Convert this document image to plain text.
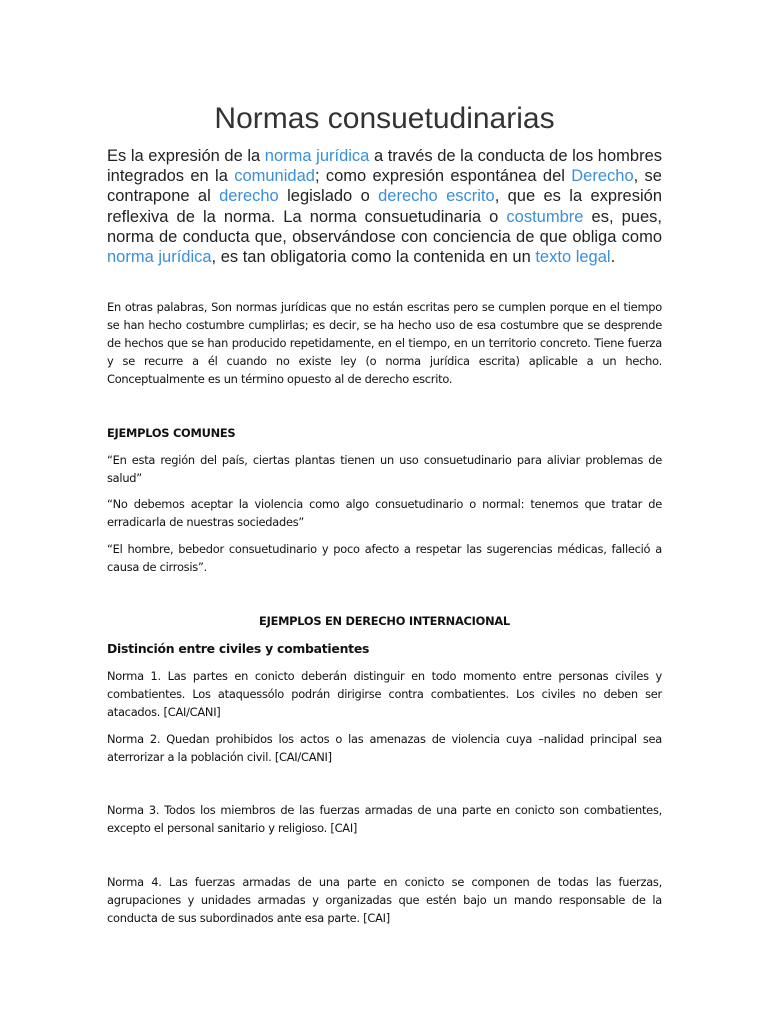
Normas consuetudinarias

Es la expresión de la norma jurídica a través de la conducta de los hombres integrados en la comunidad; como expresión espontánea del Derecho, se contrapone al derecho legislado o derecho escrito, que es la expresión reflexiva de la norma. La norma consuetudinaria o costumbre es, pues, norma de conducta que, observándose con conciencia de que obliga como norma jurídica, es tan obligatoria como la contenida en un texto legal.

En otras palabras, Son normas jurídicas que no están escritas pero se cumplen porque en el tiempo se han hecho costumbre cumplirlas; es decir, se ha hecho uso de esa costumbre que se desprende de hechos que se han producido repetidamente, en el tiempo, en un territorio concreto. Tiene fuerza y se recurre a él cuando no existe ley (o norma jurídica escrita) aplicable a un hecho. Conceptualmente es un término opuesto al de derecho escrito.

EJEMPLOS COMUNES

“En esta región del país, ciertas plantas tienen un uso consuetudinario para aliviar problemas de salud”

“No debemos aceptar la violencia como algo consuetudinario o normal: tenemos que tratar de erradicarla de nuestras sociedades”

“El hombre, bebedor consuetudinario y poco afecto a respetar las sugerencias médicas, falleció a causa de cirrosis”.

EJEMPLOS EN DERECHO INTERNACIONAL

Distinción entre civiles y combatientes

Norma 1. Las partes en conicto deberán distinguir en todo momento entre personas civiles y combatientes. Los ataquessólo podrán dirigirse contra combatientes. Los civiles no deben ser atacados. [CAI/CANI]

Norma 2. Quedan prohibidos los actos o las amenazas de violencia cuya –nalidad principal sea aterrorizar a la población civil. [CAI/CANI]

Norma 3. Todos los miembros de las fuerzas armadas de una parte en conicto son combatientes, excepto el personal sanitario y religioso. [CAI]

Norma 4. Las fuerzas armadas de una parte en conicto se componen de todas las fuerzas, agrupaciones y unidades armadas y organizadas que estén bajo un mando responsable de la conducta de sus subordinados ante esa parte. [CAI]
